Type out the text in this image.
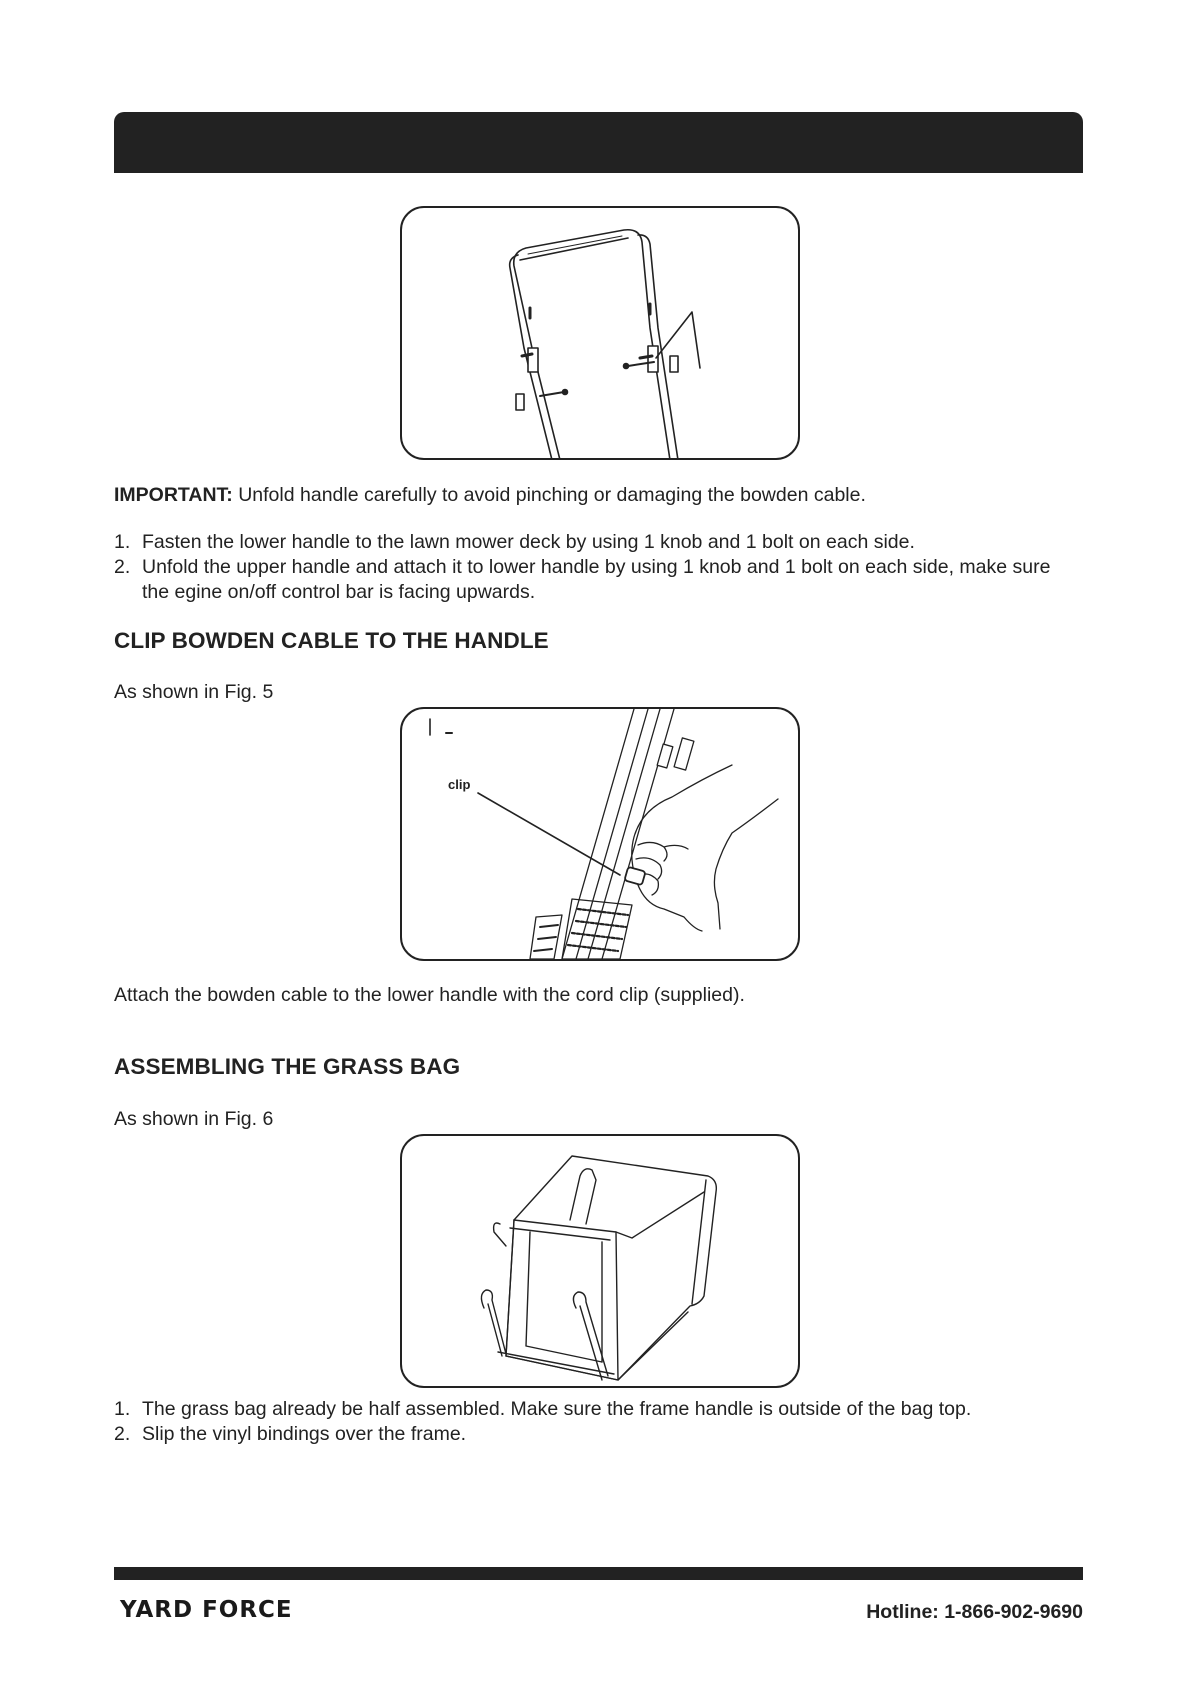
IMPORTANT: Unfold handle carefully to avoid pinching or damaging the bowden cable.
1. Fasten the lower handle to the lawn mower deck by using 1 knob and 1 bolt on each side.
2. Unfold the upper handle and attach it to lower handle by using 1 knob and 1 bolt on each side, make sure the egine on/off control bar is facing upwards.
CLIP BOWDEN CABLE TO THE HANDLE
As shown in Fig. 5
clip
Attach the bowden cable to the lower handle with the cord clip (supplied).
ASSEMBLING THE GRASS BAG
As shown in Fig. 6
1. The grass bag already be half assembled. Make sure the frame handle is outside of the bag top.
2. Slip the vinyl bindings over the frame.
YARD FORCE	Hotline: 1-866-902-9690
